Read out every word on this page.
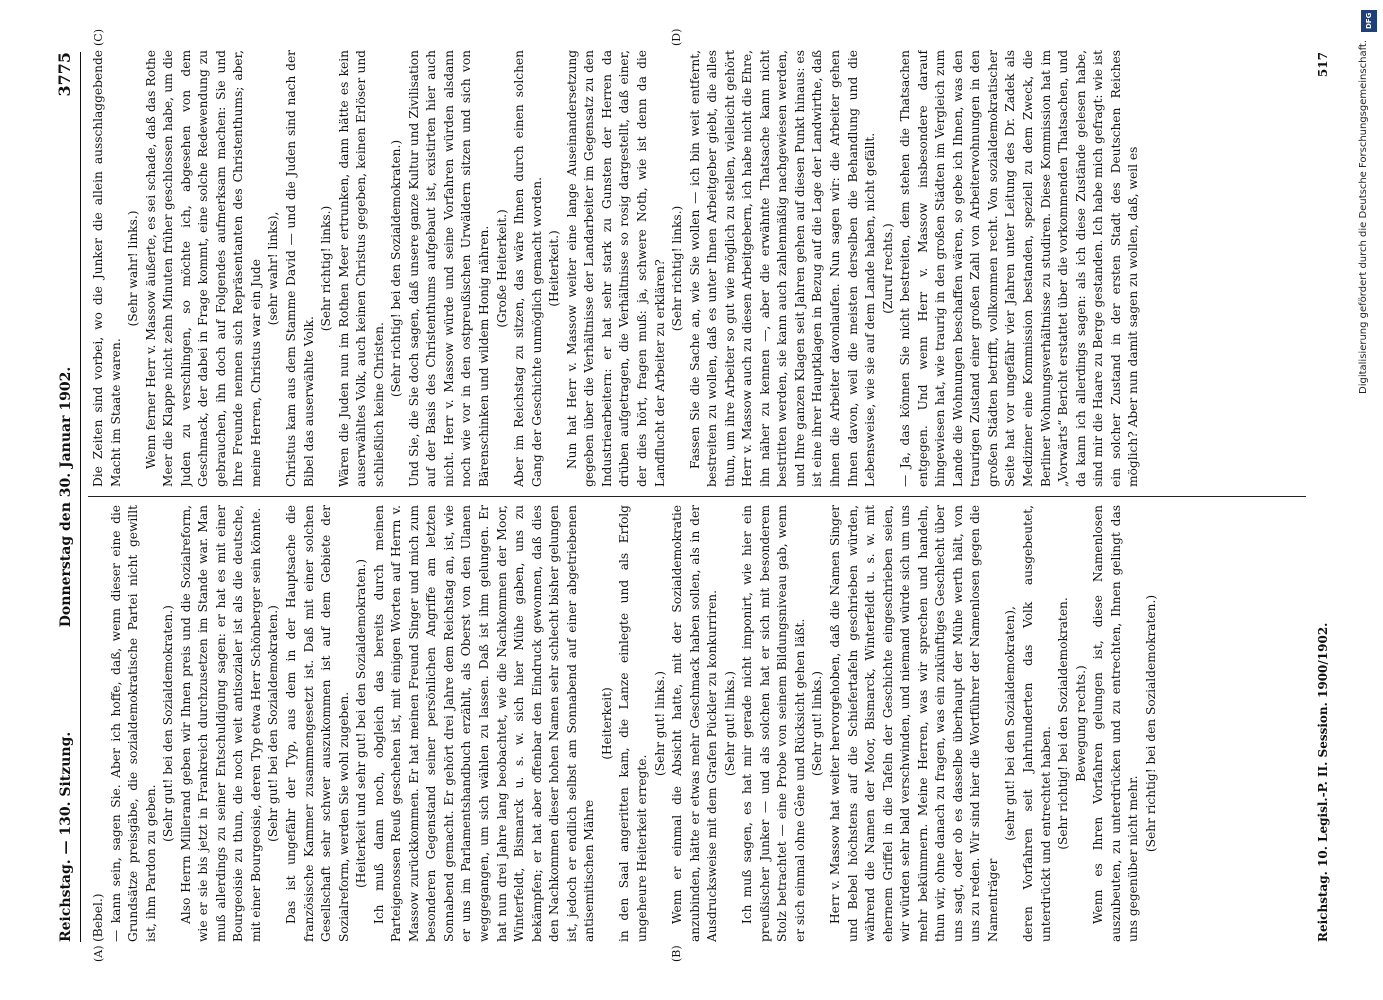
Reichstag. — 130. Sitzung.
Donnerstag den 30. Januar 1902.
3775
(A)	(B)
(C)	(D)

(Bebel.) — kann sein, sagen Sie. Aber ich hoffe, daß, wenn dieser eine die Grundsätze preisgäbe, die sozialdemokratische Partei nicht gewillt ist, ihm Pardon zu geben.

(Sehr gut! bei den Sozialdemokraten.) Also Herrn Millerand geben wir Ihnen preis und die Sozialreform, wie er sie bis jetzt in Frankreich durchzusetzen im Stande war. Man muß allerdings zu seiner Entschuldigung sagen: er hat es mit einer Bourgeoisie zu thun, die noch weit antisozialer ist als die deutsche, mit einer Bourgeoisie, deren Typ etwa Herr Schönberger sein könnte. (Sehr gut! bei den Sozialdemokraten.) Das ist ungefähr der Typ, aus dem in der Hauptsache die französische Kammer zusammengesetzt ist. Daß mit einer solchen Gesellschaft sehr schwer auszukommen ist auf dem Gebiete der Sozialreform, werden Sie wohl zugeben. (Heiterkeit und sehr gut! bei den Sozialdemokraten.) Ich muß dann noch, obgleich das bereits durch meinen Parteigenossen Reuß geschehen ist, mit einigen Worten auf Herrn v. Massow zurückkommen. Er hat meinen Freund Singer und mich zum besonderen Gegenstand seiner persönlichen Angriffe am letzten Sonnabend gemacht. Er gehört drei Jahre dem Reichstag an, ist, wie er uns im Parlamentshandbuch erzählt, als Oberst von den Ulanen weggegangen, um sich wählen zu lassen. Daß ist ihm gelungen. Er hat nun drei Jahre lang beobachtet, wie die Nachkommen der Moor, Winterfeldt, Bismarck u. s. w. sich hier Mühe gaben, uns zu bekämpfen; er hat aber offenbar den Eindruck gewonnen, daß dies den Nachkommen dieser hohen Namen sehr schlecht bisher gelungen ist, jedoch er endlich selbst am Sonnabend auf einer abgetriebenen antisemitischen Mähre

(Heiterkeit) in den Saal angeritten kam, die Lanze einlegte und als Erfolg ungeheure Heiterkeit erregte.

(Sehr gut! links.) Wenn er einmal die Absicht hatte, mit der Sozialdemokratie anzubinden, hätte er etwas mehr Geschmack haben sollen, als in der Ausdrucksweise mit dem Grafen Pückler zu konkurriren. (Sehr gut! links.) Ich muß sagen, es hat mir gerade nicht imponirt, wie hier ein preußischer Junker — und als solchen hat er sich mit besonderem Stolz betrachtet — eine Probe von seinem Bildungsniveau gab, wenn er sich einmal ohne Gêne und Rücksicht gehen läßt. (Sehr gut! links.) Herr v. Massow hat weiter hervorgehoben, daß die Namen Singer und Bebel höchstens auf die Schiefertafeln geschrieben würden, während die Namen der Moor, Bismarck, Winterfeldt u. s. w. mit ehernem Griffel in die Tafeln der Geschichte eingeschrieben seien, wir würden sehr bald verschwinden, und niemand würde sich um uns mehr bekümmern. Meine Herren, was wir sprechen und handeln, thun wir, ohne danach zu fragen, was ein zukünftiges Geschlecht über uns sagt, oder ob es dasselbe überhaupt der Mühe werth hält, von uns zu reden. Wir sind hier die Wortführer der Namenlosen gegen die Namenträger

(sehr gut! bei den Sozialdemokraten), deren Vorfahren seit Jahrhunderten das Volk ausgebeutet, unterdrückt und entrechtet haben. (Sehr richtig! bei den Sozialdemokraten. Bewegung rechts.) Wenn es Ihren Vorfahren gelungen ist, diese Namenlosen auszubeuten, zu unterdrücken und zu entrechten, Ihnen gelingt das uns gegenüber nicht mehr.

(Sehr richtig! bei den Sozialdemokraten.)

Die Zeiten sind vorbei, wo die Junker die allein ausschlaggebende Macht im Staate waren.

(Sehr wahr! links.) Wenn ferner Herr v. Massow äußerte, es sei schade, daß das Rothe Meer die Klappe nicht zehn Minuten früher geschlossen habe, um die Juden zu verschlingen, so möchte ich, abgesehen von dem Geschmack, der dabei in Frage kommt, eine solche Redewendung zu gebrauchen, ihn doch auf Folgendes aufmerksam machen: Sie und Ihre Freunde nennen sich Repräsentanten des Christenthums; aber, meine Herren, Christus war ein Jude (sehr wahr! links), Christus kam aus dem Stamme David — und die Juden sind nach der Bibel das auserwählte Volk.

(Sehr richtig! links.) Wären die Juden nun im Rothen Meer ertrunken, dann hätte es kein auserwähltes Volk, auch keinen Christus gegeben, keinen Erlöser und schließlich keine Christen.

(Sehr richtig! bei den Sozialdemokraten.) Und Sie, die Sie doch sagen, daß unsere ganze Kultur und Zivilisation auf der Basis des Christenthums aufgebaut ist, existirten hier auch nicht. Herr v. Massow würde und seine Vorfahren würden alsdann noch wie vor in den ostpreußischen Urwäldern sitzen und sich von Bärenschinken und wildem Honig nähren. (Große Heiterkeit.) Aber im Reichstag zu sitzen, das wäre Ihnen durch einen solchen Gang der Geschichte unmöglich gemacht worden. (Heiterkeit.) Nun hat Herr v. Massow weiter eine lange Auseinandersetzung gegeben über die Verhältnisse der Landarbeiter im Gegensatz zu den Industriearbeitern: er hat sehr stark zu Gunsten der Herren da drüben aufgetragen, die Verhältnisse so rosig dargestellt, daß einer, der dies hört, fragen muß: ja, schwere Noth, wie ist denn da die Landflucht der Arbeiter zu erklären? (Sehr richtig! links.) Fassen Sie die Sache an, wie Sie wollen — ich bin weit entfernt, bestreiten zu wollen, daß es unter Ihnen Arbeitgeber giebt, die alles thun, um ihre Arbeiter so gut wie möglich zu stellen, vielleicht gehört Herr v. Massow auch zu diesen Arbeitgebern, ich habe nicht die Ehre, ihn näher zu kennen —, aber die erwähnte Thatsache kann nicht bestritten werden, sie kann auch zahlenmäßig nachgewiesen werden, und Ihre ganzen Klagen seit Jahren gehen auf diesen Punkt hinaus: es ist eine ihrer Hauptklagen in Bezug auf die Lage der Landwirthe, daß ihnen die Arbeiter davonlaufen. Nun sagen wir: die Arbeiter gehen Ihnen davon, weil die meisten derselben die Behandlung und die Lebensweise, wie sie auf dem Lande haben, nicht gefällt. (Zuruf rechts.) — Ja, das können Sie nicht bestreiten, dem stehen die Thatsachen entgegen. Und wenn Herr v. Massow insbesondere darauf hingewiesen hat, wie traurig in den großen Städten im Vergleich zum Lande die Wohnungen beschaffen wären, so gebe ich Ihnen, was den traurigen Zustand einer großen Zahl von Arbeiterwohnungen in den großen Städten betrifft, vollkommen recht. Von sozialdemokratischer Seite hat vor ungefähr vier Jahren unter Leitung des Dr. Zadek als Mediziner eine Kommission bestanden, speziell zu dem Zweck, die Berliner Wohnungsverhältnisse zu studiren. Diese Kommission hat im „Vorwärts“ Bericht erstattet über die vorkommenden Thatsachen, und da kann ich allerdings sagen: als ich diese Zustände gelesen habe, sind mir die Haare zu Berge gestanden. Ich habe mich gefragt: wie ist ein solcher Zustand in der ersten Stadt des Deutschen Reiches möglich? Aber nun damit sagen zu wollen, daß, weil es

Reichstag. 10. Legisl.-P. II. Session. 1900/1902.
517	Digitalisierung gefördert durch die Deutsche Forschungsgemeinschaft.
DFG
